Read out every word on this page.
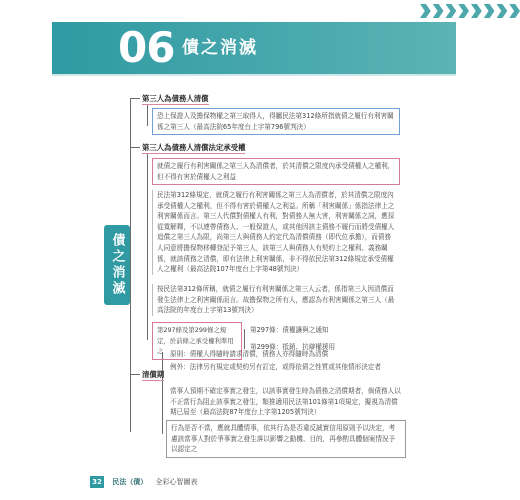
06 債之消滅
債之消滅
第三人為債務人清償
恐上保證人及擔保物權之第三取得人，得屬民法第312條所指就債之履行有利害關係之第三人（最高法院65年度台上字第796號判決）
第三人為債務人清償法定承受權
就債之履行有利害關係之第三人為清償者，於其清償之限度內承受債權人之權利，但不得有害於債權人之利益
民法第312條規定，就債之履行有利害關係之第三人為清償者，於其清償之限度內承受債權人之權利，但不得有害於債權人之利益。所稱「利害關係」係指法律上之利害關係而言。第三人代償對債權人有利，對債務人無大害，利害關係之詞，應採從寬解釋，不以連帶債務人、一般保證人，或其他因該主債務不履行而將受債權人追償之第三人為限，尚第三人與債務人約定代為清償債務（即代位承擔），而債務人同意將擔保物移轉登記予第三人，該第三人與債務人有契約上之權利、義務關係，就該債務之清償，即有法律上利害關係，非不得依民法第312條規定承受債權人之權利（最高法院107年度台上字第48號判決）
按民法第312條所稱，就債之履行有利害關係之第三人云者，係指第三人因清償而發生法律上之利害關係而言。故擔保物之所有人，應認為有利害關係之第三人（最高法院的年度台上字第13號判決）
第297條及第299條之規定，於前條之承受權利準用之
第297條：債權讓與之通知
第299條：抵銷、抗辯權援用
清償期
原則：債權人得隨時請求清償，債務人亦得隨時為清償
例外：法律另有規定或契約另有訂定，或得依債之性質或其他情形決定者
當事人預期不確定事實之發生，以該事實發生時為債務之清償期者，倘債務人以不正當行為阻止該事實之發生，類推適用民法第101條第1項規定，擬視為清償期已屆至（最高法院87年度台上字第1205號判決）
行為是否不當，應就具體情事，依其行為是否違反誠實信用原則予以決定，考慮該當事人對於爭事實之發生落以影響之動機、目的，再參酌具體個案情況予以認定之
32 民法（債） 全彩心智圖表
